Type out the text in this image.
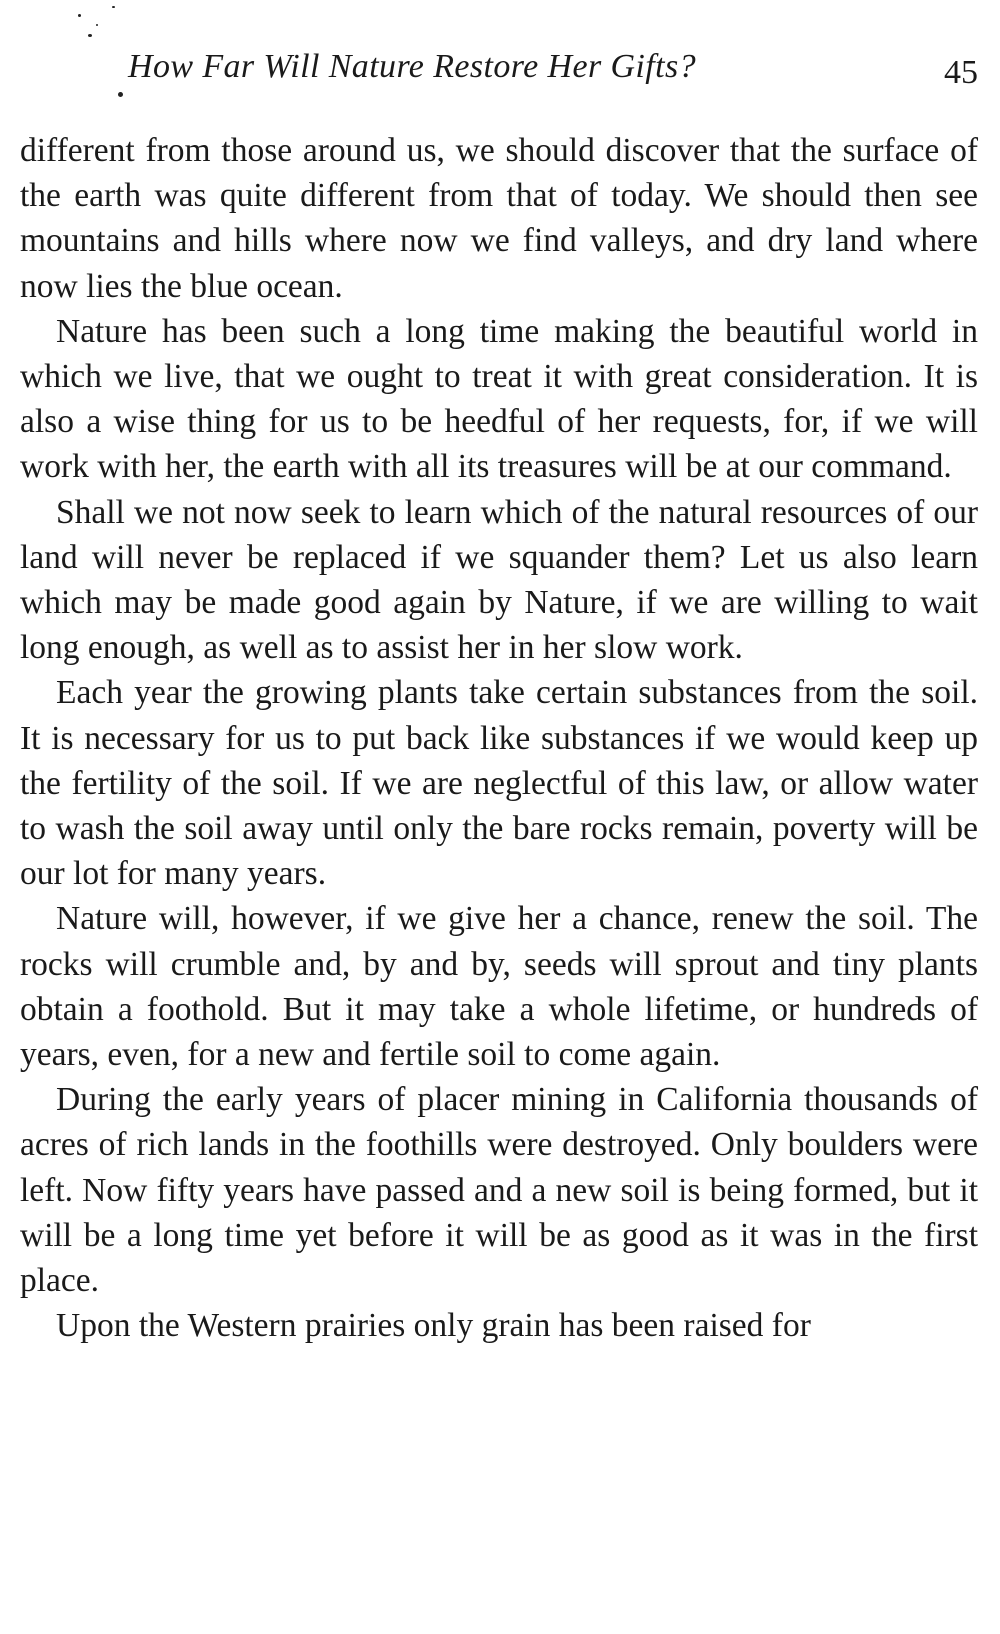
How Far Will Nature Restore Her Gifts?	45

different from those around us, we should discover that the surface of the earth was quite different from that of today. We should then see mountains and hills where now we find valleys, and dry land where now lies the blue ocean.

Nature has been such a long time making the beautiful world in which we live, that we ought to treat it with great consideration. It is also a wise thing for us to be heedful of her requests, for, if we will work with her, the earth with all its treasures will be at our command.

Shall we not now seek to learn which of the natural resources of our land will never be replaced if we squander them? Let us also learn which may be made good again by Nature, if we are willing to wait long enough, as well as to assist her in her slow work.

Each year the growing plants take certain substances from the soil. It is necessary for us to put back like substances if we would keep up the fertility of the soil. If we are neglectful of this law, or allow water to wash the soil away until only the bare rocks remain, poverty will be our lot for many years.

Nature will, however, if we give her a chance, renew the soil. The rocks will crumble and, by and by, seeds will sprout and tiny plants obtain a foothold. But it may take a whole lifetime, or hundreds of years, even, for a new and fertile soil to come again.

During the early years of placer mining in California thousands of acres of rich lands in the foothills were destroyed. Only boulders were left. Now fifty years have passed and a new soil is being formed, but it will be a long time yet before it will be as good as it was in the first place.

Upon the Western prairies only grain has been raised for
